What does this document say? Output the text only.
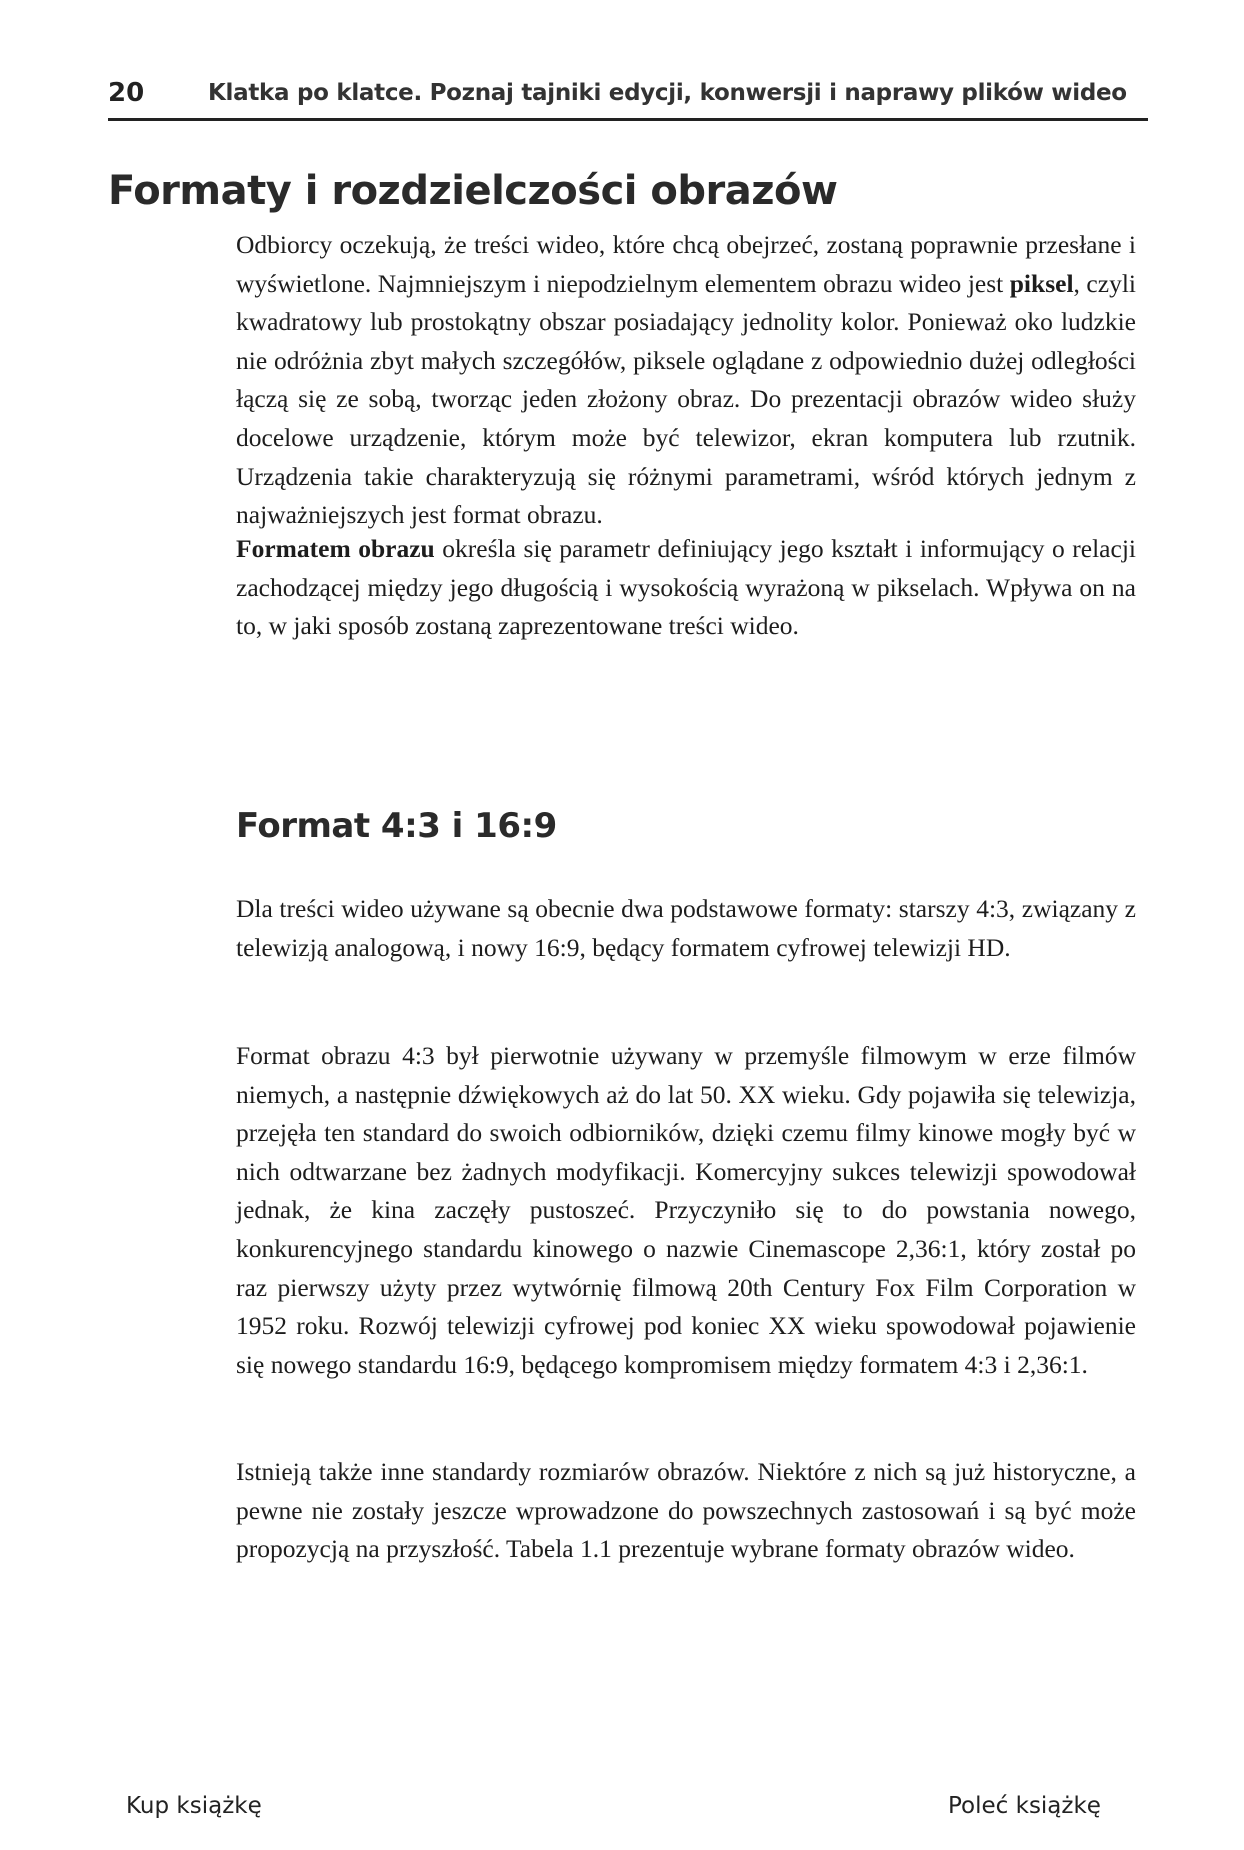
20	Klatka po klatce. Poznaj tajniki edycji, konwersji i naprawy plików wideo
Formaty i rozdzielczości obrazów

Odbiorcy oczekują, że treści wideo, które chcą obejrzeć, zostaną poprawnie przesłane i wyświetlone. Najmniejszym i niepodzielnym elementem obrazu wideo jest piksel, czyli kwadratowy lub prostokątny obszar posiadający jednolity kolor. Ponieważ oko ludzkie nie odróżnia zbyt małych szczegółów, piksele oglądane z odpowiednio dużej odległości łączą się ze sobą, tworząc jeden złożony obraz. Do prezentacji obrazów wideo służy docelowe urządzenie, którym może być telewizor, ekran komputera lub rzutnik. Urządzenia takie charakteryzują się różnymi parametrami, wśród których jednym z najważniejszych jest format obrazu.

Formatem obrazu określa się parametr definiujący jego kształt i informujący o relacji zachodzącej między jego długością i wysokością wyrażoną w pikselach. Wpływa on na to, w jaki sposób zostaną zaprezentowane treści wideo.

Format 4:3 i 16:9

Dla treści wideo używane są obecnie dwa podstawowe formaty: starszy 4:3, związany z telewizją analogową, i nowy 16:9, będący formatem cyfrowej telewizji HD.

Format obrazu 4:3 był pierwotnie używany w przemyśle filmowym w erze filmów niemych, a następnie dźwiękowych aż do lat 50. XX wieku. Gdy pojawiła się telewizja, przejęła ten standard do swoich odbiorników, dzięki czemu filmy kinowe mogły być w nich odtwarzane bez żadnych modyfikacji. Komercyjny sukces telewizji spowodował jednak, że kina zaczęły pustoszeć. Przyczyniło się to do powstania nowego, konkurencyjnego standardu kinowego o nazwie Cinemascope 2,36:1, który został po raz pierwszy użyty przez wytwórnię filmową 20th Century Fox Film Corporation w 1952 roku. Rozwój telewizji cyfrowej pod koniec XX wieku spowodował pojawienie się nowego standardu 16:9, będącego kompromisem między formatem 4:3 i 2,36:1.

Istnieją także inne standardy rozmiarów obrazów. Niektóre z nich są już historyczne, a pewne nie zostały jeszcze wprowadzone do powszechnych zastosowań i są być może propozycją na przyszłość. Tabela 1.1 prezentuje wybrane formaty obrazów wideo.

Kup książkę	Poleć książkę
